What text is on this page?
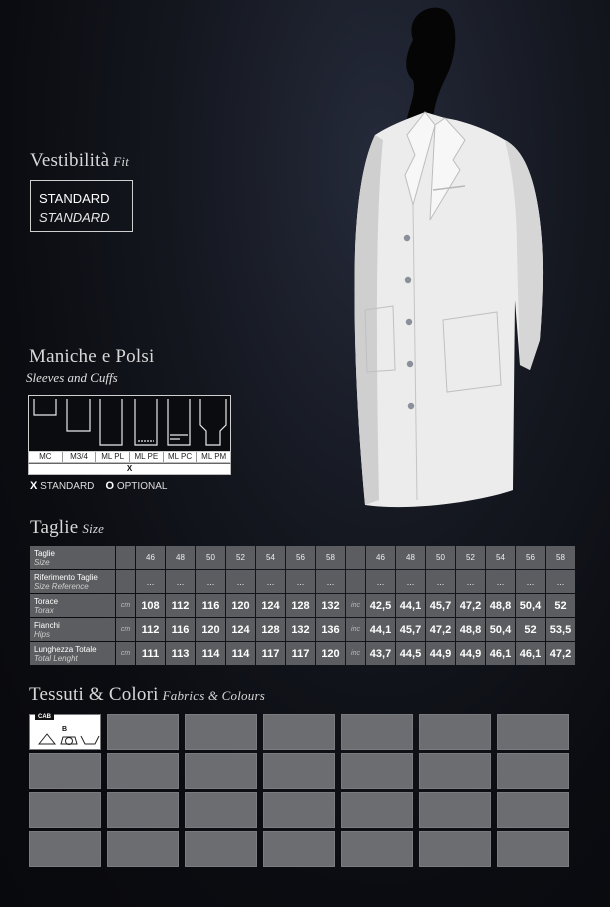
Vestibilità Fit
STANDARD
STANDARD
Maniche e Polsi
Sleeves and Cuffs
MC	M3/4	ML PL	ML PE	ML PC	ML PM
X
X STANDARD O OPTIONAL
Taglie Size
Taglie
Size		46	48	50	52	54	56	58		46	48	50	52	54	56	58
Riferimento Taglie
Size Reference		...	...	...	...	...	...	...		...	...	...	...	...	...	...
Torace
Torax	cm	108	112	116	120	124	128	132	inc	42,5	44,1	45,7	47,2	48,8	50,4	52
Fianchi
Hips	cm	112	116	120	124	128	132	136	inc	44,1	45,7	47,2	48,8	50,4	52	53,5
Lunghezza Totale
Total Lenght	cm	111	113	114	114	117	117	120	inc	43,7	44,5	44,9	44,9	46,1	46,1	47,2
Tessuti & Colori Fabrics & Colours
CAB
B
